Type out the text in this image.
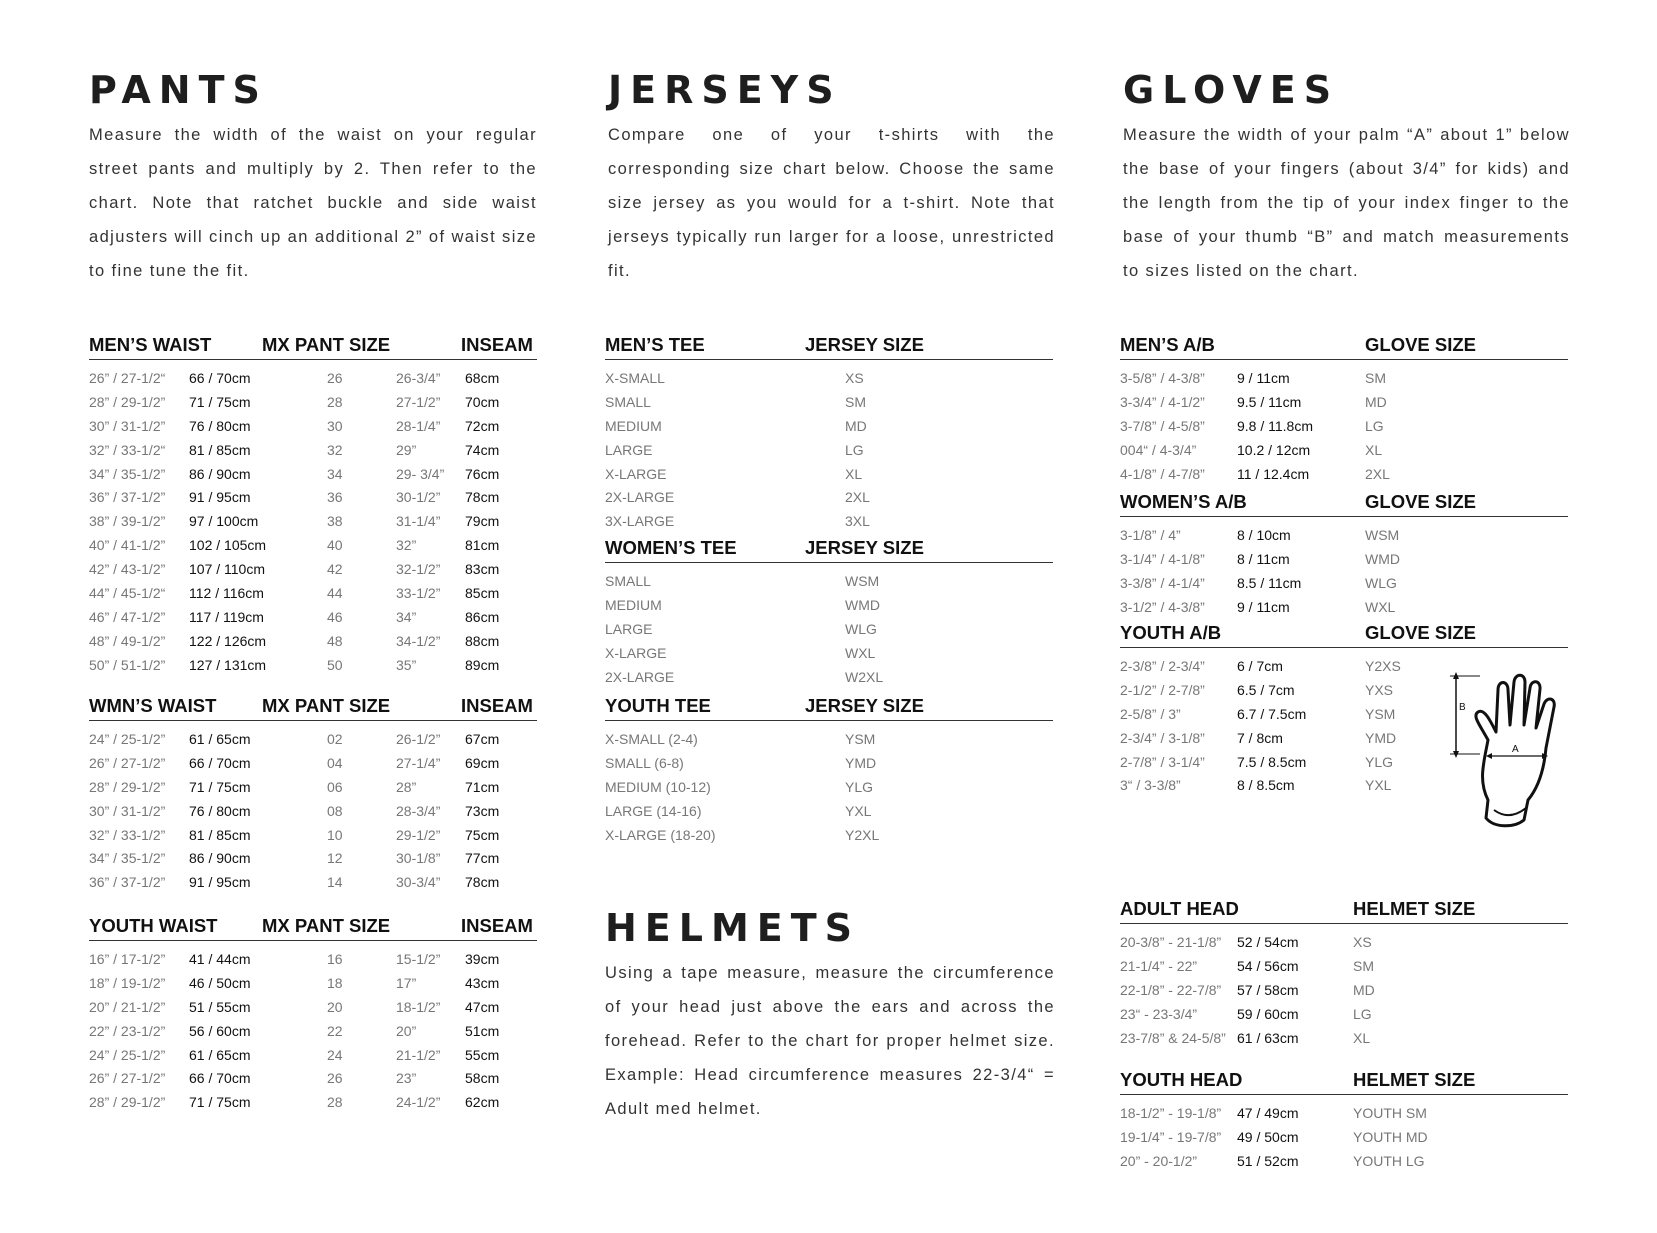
PANTS

Measure the width of the waist on your regular street pants and multiply by 2. Then refer to the chart. Note that ratchet buckle and side waist adjusters will cinch up an additional 2” of waist size to fine tune the fit.

MEN’S WAIST	MX PANT SIZE	INSEAM
26” / 27-1/2“ 66 / 70cm	26	26-3/4” 68cm
28” / 29-1/2” 71 / 75cm	28	27-1/2” 70cm
30” / 31-1/2” 76 / 80cm	30	28-1/4” 72cm
32” / 33-1/2“ 81 / 85cm	32	29”	74cm
34” / 35-1/2” 86 / 90cm	34	29- 3/4” 76cm
36” / 37-1/2” 91 / 95cm	36	30-1/2” 78cm
38” / 39-1/2” 97 / 100cm	38	31-1/4” 79cm
40” / 41-1/2” 102 / 105cm	40	32”	81cm
42” / 43-1/2” 107 / 110cm	42	32-1/2” 83cm
44” / 45-1/2“ 112 / 116cm	44	33-1/2” 85cm
46” / 47-1/2” 117 / 119cm	46	34”	86cm
48” / 49-1/2” 122 / 126cm	48	34-1/2” 88cm
50” / 51-1/2” 127 / 131cm	50	35”	89cm
WMN’S WAIST MX PANT SIZE	INSEAM
24” / 25-1/2” 61 / 65cm	02	26-1/2” 67cm
26” / 27-1/2” 66 / 70cm	04	27-1/4” 69cm
28” / 29-1/2” 71 / 75cm	06	28”	71cm
30” / 31-1/2” 76 / 80cm	08	28-3/4” 73cm
32” / 33-1/2” 81 / 85cm	10	29-1/2” 75cm
34” / 35-1/2” 86 / 90cm	12	30-1/8” 77cm
36” / 37-1/2” 91 / 95cm	14	30-3/4” 78cm
YOUTH WAIST MX PANT SIZE	INSEAM
16” / 17-1/2” 41 / 44cm	16	15-1/2” 39cm
18” / 19-1/2” 46 / 50cm	18	17”	43cm
20” / 21-1/2” 51 / 55cm	20	18-1/2” 47cm
22” / 23-1/2” 56 / 60cm	22	20”	51cm
24” / 25-1/2” 61 / 65cm	24	21-1/2” 55cm
26” / 27-1/2” 66 / 70cm	26	23”	58cm
28” / 29-1/2” 71 / 75cm	28	24-1/2” 62cm
JERSEYS

Compare one of your t-shirts with the corresponding size chart below. Choose the same size jersey as you would for a t-shirt. Note that jerseys typically run larger for a loose, unrestricted fit.

MEN’S TEE	JERSEY SIZE
X-SMALL	XS
SMALL	SM
MEDIUM	MD
LARGE	LG
X-LARGE	XL
2X-LARGE	2XL
3X-LARGE	3XL
WOMEN’S TEE	JERSEY SIZE
SMALL	WSM
MEDIUM	WMD
LARGE	WLG
X-LARGE	WXL
2X-LARGE	W2XL
YOUTH TEE	JERSEY SIZE
X-SMALL (2-4)	YSM
SMALL (6-8)	YMD
MEDIUM (10-12)	YLG
LARGE (14-16)	YXL
X-LARGE (18-20)	Y2XL
HELMETS

Using a tape measure, measure the circumference of your head just above the ears and across the forehead. Refer to the chart for proper helmet size. Example: Head circumference measures 22-3/4“ = Adult med helmet.

GLOVES

Measure the width of your palm “A” about 1” below the base of your fingers (about 3/4” for kids) and the length from the tip of your index finger to the base of your thumb “B” and match measurements to sizes listed on the chart.

MEN’S A/B	GLOVE SIZE
3-5/8” / 4-3/8” 9 / 11cm	SM
3-3/4” / 4-1/2” 9.5 / 11cm	MD
3-7/8” / 4-5/8” 9.8 / 11.8cm	LG
004“ / 4-3/4”	10.2 / 12cm	XL
4-1/8” / 4-7/8” 11 / 12.4cm	2XL
WOMEN’S A/B	GLOVE SIZE
3-1/8” / 4”	8 / 10cm	WSM
3-1/4” / 4-1/8” 8 / 11cm	WMD
3-3/8” / 4-1/4” 8.5 / 11cm	WLG
3-1/2” / 4-3/8” 9 / 11cm	WXL
YOUTH A/B	GLOVE SIZE
2-3/8” / 2-3/4” 6 / 7cm	Y2XS
2-1/2” / 2-7/8” 6.5 / 7cm	YXS
2-5/8” / 3”	6.7 / 7.5cm	YSM
2-3/4” / 3-1/8” 7 / 8cm	YMD
2-7/8” / 3-1/4” 7.5 / 8.5cm	YLG
3“ / 3-3/8”	8 / 8.5cm	YXL
B
A
ADULT HEAD	HELMET SIZE
20-3/8” - 21-1/8” 52 / 54cm	XS
21-1/4” - 22”	54 / 56cm	SM
22-1/8” - 22-7/8” 57 / 58cm	MD
23“ - 23-3/4”	59 / 60cm	LG
23-7/8” & 24-5/8” 61 / 63cm	XL
YOUTH HEAD	HELMET SIZE
18-1/2” - 19-1/8” 47 / 49cm	YOUTH SM
19-1/4” - 19-7/8” 49 / 50cm	YOUTH MD
20” - 20-1/2”	51 / 52cm	YOUTH LG
